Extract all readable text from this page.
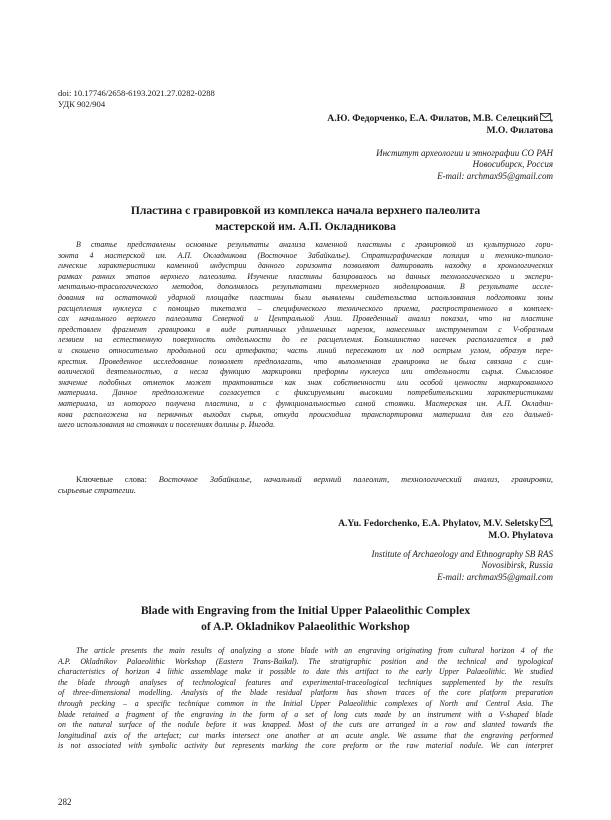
doi: 10.17746/2658-6193.2021.27.0282-0288
УДК 902/904
А.Ю. Федорченко, Е.А. Филатов, М.В. Селецкий ,
М.О. Филатова
Институт археологии и этнографии СО РАН
Новосибирск, Россия
E-mail: archmax95@gmail.com
Пластина с гравировкой из комплекса начала верхнего палеолита
мастерской им. А.П. Окладникова
В статье представлены основные результаты анализа каменной пластины с гравировкой из культурного гори-
зонта 4 мастерской им. А.П. Окладникова (Восточное Забайкалье). Стратиграфическая позиция и технико-типоло-
гические характеристики каменной индустрии данного горизонта позволяют датировать находку в хронологических
рамках ранних этапов верхнего палеолита. Изучение пластины базировалось на данных технологического и экспери-
ментально-трасологического методов, дополнялось результатами трехмерного моделирования. В результате иссле-
дования на остаточной ударной площадке пластины были выявлены свидетельства использования подготовки зоны
расщепления нуклеуса с помощью пикетажа – специфического технического приема, распространенного в комплек-
сах начального верхнего палеолита Северной и Центральной Азии. Проведенный анализ показал, что на пластине
представлен фрагмент гравировки в виде ритмичных удлиненных нарезок, нанесенных инструментом с V-образным
лезвием на естественную поверхность отдельности до ее расщепления. Большинство насечек располагается в ряд
и скошено относительно продольной оси артефакта; часть линий пересекают их под острым углом, образуя пере-
крестия. Проведенное исследование позволяет предполагать, что выполненная гравировка не была связана с сим-
волической деятельностью, а несла функцию маркировки преформы нуклеуса или отдельности сырья. Смысловое
значение подобных отметок может трактоваться как знак собственности или особой ценности маркированного
материала. Данное предположение согласуется с фиксируемыми высокими потребительскими характеристиками
материала, из которого получена пластина, и с функциональностью самой стоянки. Мастерская им. А.П. Окладни-
кова расположена на первичных выходах сырья, откуда происходила транспортировка материала для его дальней-
шего использования на стоянках и поселениях долины р. Ингода.
Ключевые слова: Восточное Забайкалье, начальный верхний палеолит, технологический анализ, гравировки,
сырьевые стратегии.
A.Yu. Fedorchenko, E.A. Phylatov, M.V. Seletsky ,
M.O. Phylatova
Institute of Archaeology and Ethnography SB RAS
Novosibirsk, Russia
E-mail: archmax95@gmail.com
Blade with Engraving from the Initial Upper Palaeolithic Complex
of A.P. Okladnikov Palaeolithic Workshop
The article presents the main results of analyzing a stone blade with an engraving originating from cultural horizon 4 of the
A.P. Okladnikov Palaeolithic Workshop (Eastern Trans-Baikal). The stratigraphic position and the technical and typological
characteristics of horizon 4 lithic assemblage make it possible to date this artifact to the early Upper Palaeolithic. We studied
the blade through analyses of technological features and experimental-traceological techniques supplemented by the results
of three-dimensional modelling. Analysis of the blade residual platform has shown traces of the core platform preparation
through pecking – a specific technique common in the Initial Upper Palaeolithic complexes of North and Central Asia. The
blade retained a fragment of the engraving in the form of a set of long cuts made by an instrument with a V-shaped blade
on the natural surface of the nodule before it was knapped. Most of the cuts are arranged in a row and slanted towards the
longitudinal axis of the artefact; cut marks intersect one another at an acute angle. We assume that the engraving performed
is not associated with symbolic activity but represents marking the core preform or the raw material nodule. We can interpret
282
